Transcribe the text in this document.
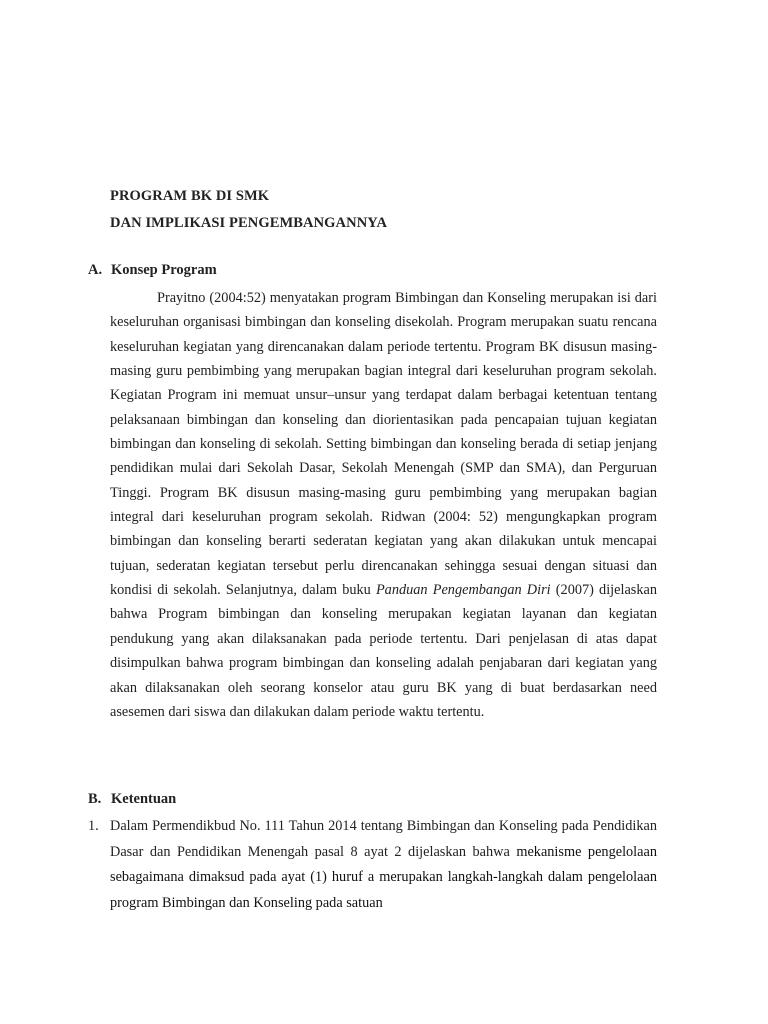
PROGRAM BK DI SMK
DAN IMPLIKASI PENGEMBANGANNYA
A. Konsep Program
Prayitno (2004:52) menyatakan program Bimbingan dan Konseling merupakan isi dari keseluruhan organisasi bimbingan dan konseling disekolah. Program merupakan suatu rencana keseluruhan kegiatan yang direncanakan dalam periode tertentu. Program BK disusun masing-masing guru pembimbing yang merupakan bagian integral dari keseluruhan program sekolah. Kegiatan Program ini memuat unsur–unsur yang terdapat dalam berbagai ketentuan tentang pelaksanaan bimbingan dan konseling dan diorientasikan pada pencapaian tujuan kegiatan bimbingan dan konseling di sekolah. Setting bimbingan dan konseling berada di setiap jenjang pendidikan mulai dari Sekolah Dasar, Sekolah Menengah (SMP dan SMA), dan Perguruan Tinggi. Program BK disusun masing-masing guru pembimbing yang merupakan bagian integral dari keseluruhan program sekolah. Ridwan (2004: 52) mengungkapkan program bimbingan dan konseling berarti sederatan kegiatan yang akan dilakukan untuk mencapai tujuan, sederatan kegiatan tersebut perlu direncanakan sehingga sesuai dengan situasi dan kondisi di sekolah. Selanjutnya, dalam buku Panduan Pengembangan Diri (2007) dijelaskan bahwa Program bimbingan dan konseling merupakan kegiatan layanan dan kegiatan pendukung yang akan dilaksanakan pada periode tertentu. Dari penjelasan di atas dapat disimpulkan bahwa program bimbingan dan konseling adalah penjabaran dari kegiatan yang akan dilaksanakan oleh seorang konselor atau guru BK yang di buat berdasarkan need asesemen dari siswa dan dilakukan dalam periode waktu tertentu.
B. Ketentuan
1. Dalam Permendikbud No. 111 Tahun 2014 tentang Bimbingan dan Konseling pada Pendidikan Dasar dan Pendidikan Menengah pasal 8 ayat 2 dijelaskan bahwa mekanisme pengelolaan sebagaimana dimaksud pada ayat (1) huruf a merupakan langkah-langkah dalam pengelolaan program Bimbingan dan Konseling pada satuan
